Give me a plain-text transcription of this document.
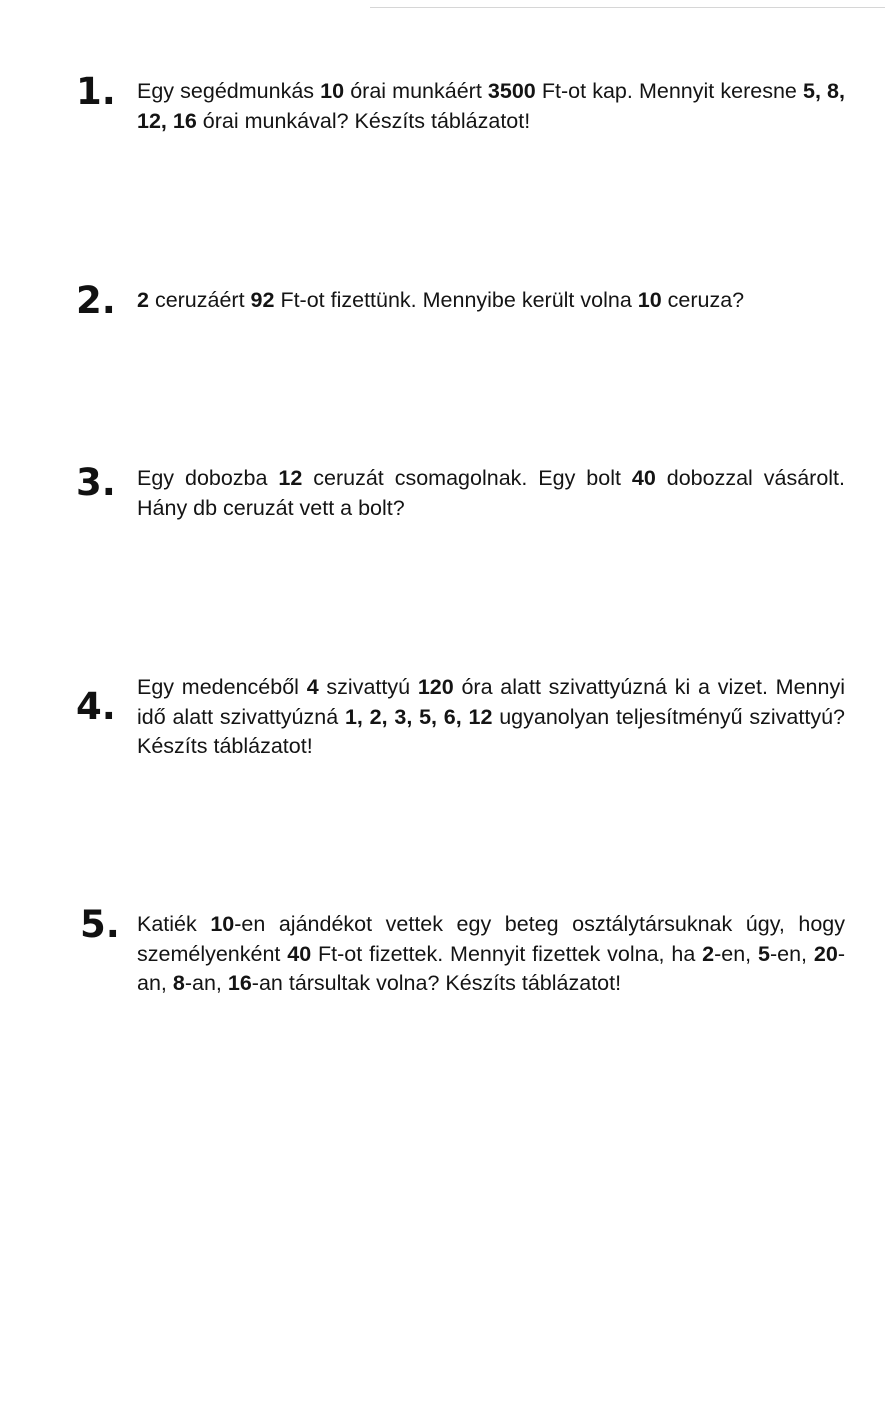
1. Egy segédmunkás 10 órai munkáért 3500 Ft-ot kap. Mennyit keresne 5, 8, 12, 16 órai munkával? Készíts táblázatot!
2. 2 ceruzáért 92 Ft-ot fizettünk. Mennyibe került volna 10 ceruza?
3. Egy dobozba 12 ceruzát csomagolnak. Egy bolt 40 dobozzal vásárolt. Hány db ceruzát vett a bolt?
4. Egy medencéből 4 szivattyú 120 óra alatt szivattyúzná ki a vizet. Mennyi idő alatt szivattyúzná 1, 2, 3, 5, 6, 12 ugyanolyan teljesítményű szivattyú? Készíts táblázatot!
5. Katiék 10-en ajándékot vettek egy beteg osztálytársuknak úgy, hogy személyenként 40 Ft-ot fizettek. Mennyit fizettek volna, ha 2-en, 5-en, 20-an, 8-an, 16-an társultak volna? Készíts táblázatot!
